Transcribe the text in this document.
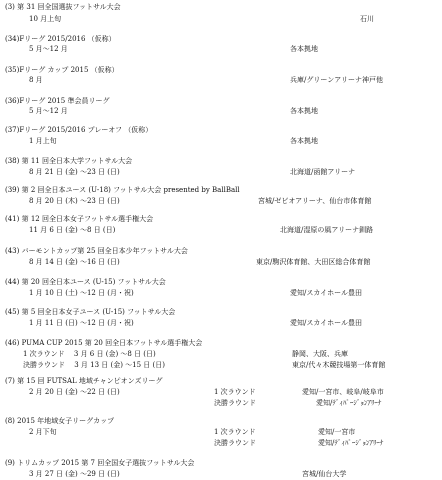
(3) 第 31 回全国選抜フットサル大会
10 月上旬	石川
(34)Fリーグ 2015/2016 （仮称）
5 月～12 月	各本拠地
(35)Fリーグ カップ 2015 （仮称）
8 月	兵庫/グリーンアリーナ神戸他
(36)Fリーグ 2015 準会員リーグ
5 月～12 月	各本拠地
(37)Fリーグ 2015/2016 プレーオフ （仮称）
1 月上旬	各本拠地
(38) 第 11 回全日本大学フットサル大会
8 月 21 日 (金) ～23 日 (日)	北海道/函館アリーナ
(39) 第 2 回全日本ユース (U-18) フットサル大会 presented by BallBall
8 月 20 日 (木) ～23 日 (日)	宮城/ゼビオアリーナ、仙台市体育館
(41) 第 12 回全日本女子フットサル選手権大会
11 月 6 日 (金) ～8 日 (日)	北海道/湿原の風アリーナ釧路
(43) バーモントカップ第 25 回全日本少年フットサル大会
8 月 14 日 (金) ～16 日 (日)	東京/駒沢体育館、大田区総合体育館
(44) 第 20 回全日本ユース (U-15) フットサル大会
1 月 10 日 (土) ～12 日 (月・祝)	愛知/スカイホール豊田
(45) 第 5 回全日本女子ユース (U-15) フットサル大会
1 月 11 日 (日) ～12 日 (月・祝)	愛知/スカイホール豊田
(46) PUMA CUP 2015 第 20 回全日本フットサル選手権大会
1 次ラウンド　 3 月 6 日 (金) ～8 日 (日)	静岡、大阪、兵庫
決勝ラウンド　 3 月 13 日 (金) ～15 日 (日)	東京/代々木競技場第一体育館
(7) 第 15 回 FUTSAL 地域チャンピオンズリーグ
2 月 20 日 (金) ～22 日 (日)	1 次ラウンド	愛知/一宮市、岐阜/岐阜市
決勝ラウンド	愛知/ﾃﾞｨﾊﾟｰｼﾞｮﾝｱﾘｰﾅ
(8) 2015 年地域女子リーグカップ
2 月下旬	1 次ラウンド	愛知/一宮市
決勝ラウンド	愛知/ﾃﾞｨﾊﾟｰｼﾞｮﾝｱﾘｰﾅ
(9) トリムカップ 2015 第 7 回全国女子選抜フットサル大会
3 月 27 日 (金) ～29 日 (日)	宮城/仙台大学
